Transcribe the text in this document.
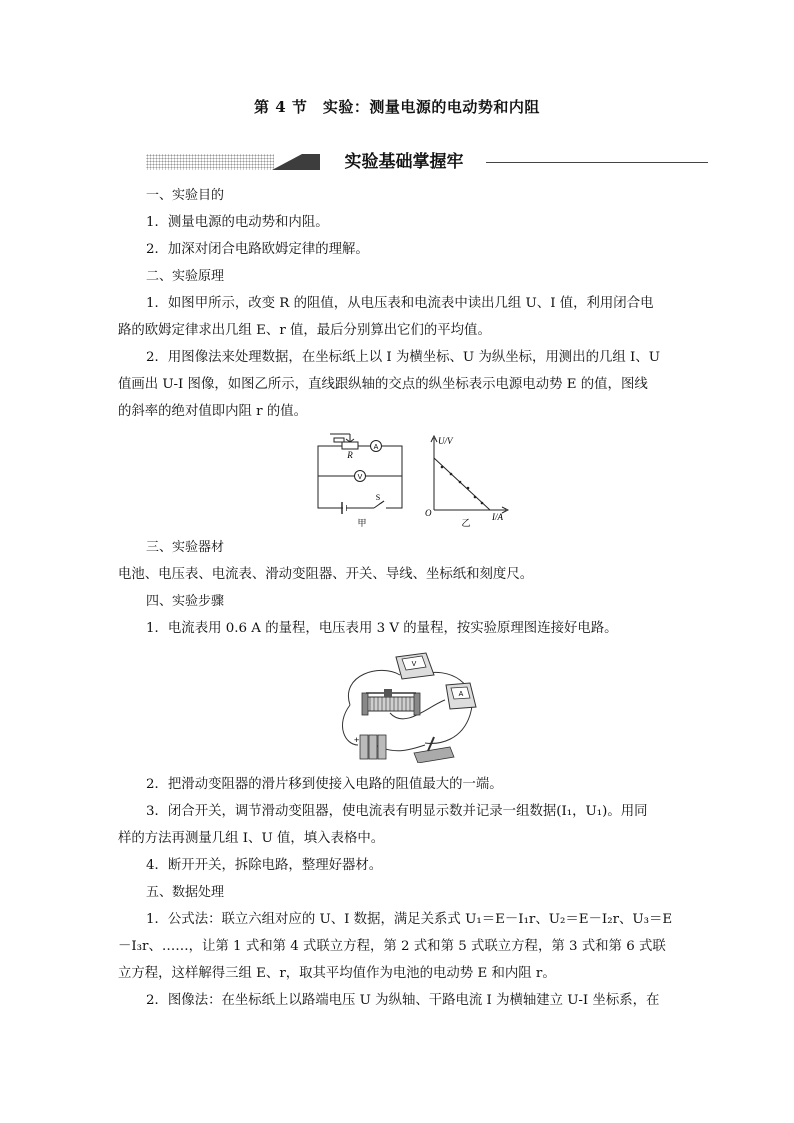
第 4 节　实验：测量电源的电动势和内阻
实验基础掌握牢
一、实验目的
1．测量电源的电动势和内阻。
2．加深对闭合电路欧姆定律的理解。
二、实验原理
1．如图甲所示，改变 R 的阻值，从电压表和电流表中读出几组 U、I 值，利用闭合电
路的欧姆定律求出几组 E、r 值，最后分别算出它们的平均值。
2．用图像法来处理数据，在坐标纸上以 I 为横坐标、U 为纵坐标，用测出的几组 I、U
值画出 U-I 图像，如图乙所示，直线跟纵轴的交点的纵坐标表示电源电动势 E 的值，图线
的斜率的绝对值即内阻 r 的值。
R
A
V
S
甲
U/V
I/A
O
乙
三、实验器材
电池、电压表、电流表、滑动变阻器、开关、导线、坐标纸和刻度尺。
四、实验步骤
1．电流表用 0.6 A 的量程，电压表用 3 V 的量程，按实验原理图连接好电路。
V
A
+
2．把滑动变阻器的滑片移到使接入电路的阻值最大的一端。
3．闭合开关，调节滑动变阻器，使电流表有明显示数并记录一组数据(I₁，U₁)。用同
样的方法再测量几组 I、U 值，填入表格中。
4．断开开关，拆除电路，整理好器材。
五、数据处理
1．公式法：联立六组对应的 U、I 数据，满足关系式 U₁＝E－I₁r、U₂＝E－I₂r、U₃＝E
－I₃r、……，让第 1 式和第 4 式联立方程，第 2 式和第 5 式联立方程，第 3 式和第 6 式联
立方程，这样解得三组 E、r，取其平均值作为电池的电动势 E 和内阻 r。
2．图像法：在坐标纸上以路端电压 U 为纵轴、干路电流 I 为横轴建立 U-I 坐标系，在
